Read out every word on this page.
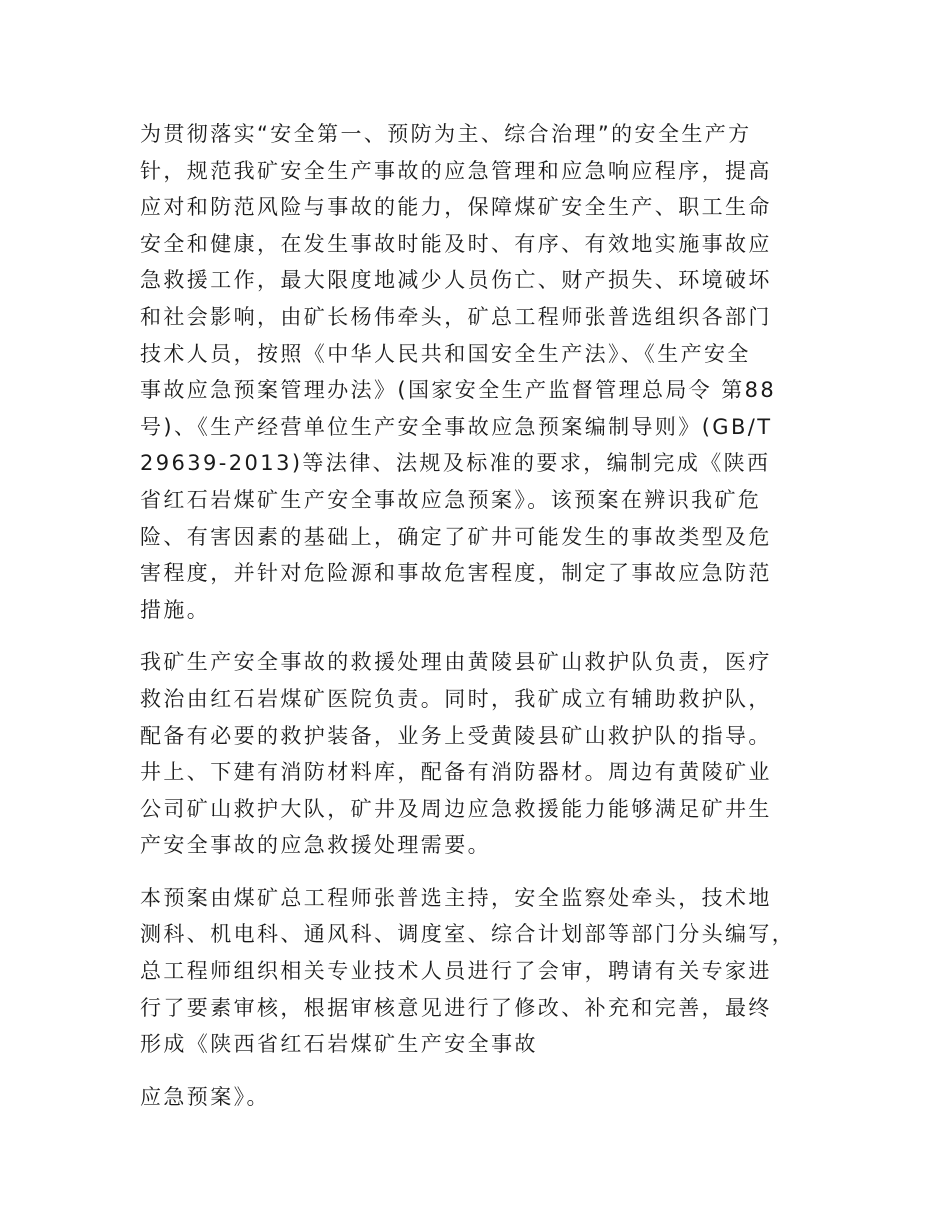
为贯彻落实“安全第一、预防为主、综合治理”的安全生产方
针，规范我矿安全生产事故的应急管理和应急响应程序，提高
应对和防范风险与事故的能力，保障煤矿安全生产、职工生命
安全和健康，在发生事故时能及时、有序、有效地实施事故应
急救援工作，最大限度地减少人员伤亡、财产损失、环境破坏
和社会影响，由矿长杨伟牵头，矿总工程师张普选组织各部门
技术人员，按照《中华人民共和国安全生产法》、《生产安全
事故应急预案管理办法》(国家安全生产监督管理总局令 第88
号)、《生产经营单位生产安全事故应急预案编制导则》(GB/T
29639-2013)等法律、法规及标准的要求，编制完成《陕西
省红石岩煤矿生产安全事故应急预案》。该预案在辨识我矿危
险、有害因素的基础上，确定了矿井可能发生的事故类型及危
害程度，并针对危险源和事故危害程度，制定了事故应急防范
措施。

我矿生产安全事故的救援处理由黄陵县矿山救护队负责，医疗
救治由红石岩煤矿医院负责。同时，我矿成立有辅助救护队，
配备有必要的救护装备，业务上受黄陵县矿山救护队的指导。
井上、下建有消防材料库，配备有消防器材。周边有黄陵矿业
公司矿山救护大队，矿井及周边应急救援能力能够满足矿井生
产安全事故的应急救援处理需要。

本预案由煤矿总工程师张普选主持，安全监察处牵头，技术地
测科、机电科、通风科、调度室、综合计划部等部门分头编写，
总工程师组织相关专业技术人员进行了会审，聘请有关专家进
行了要素审核，根据审核意见进行了修改、补充和完善，最终
形成《陕西省红石岩煤矿生产安全事故

应急预案》。
